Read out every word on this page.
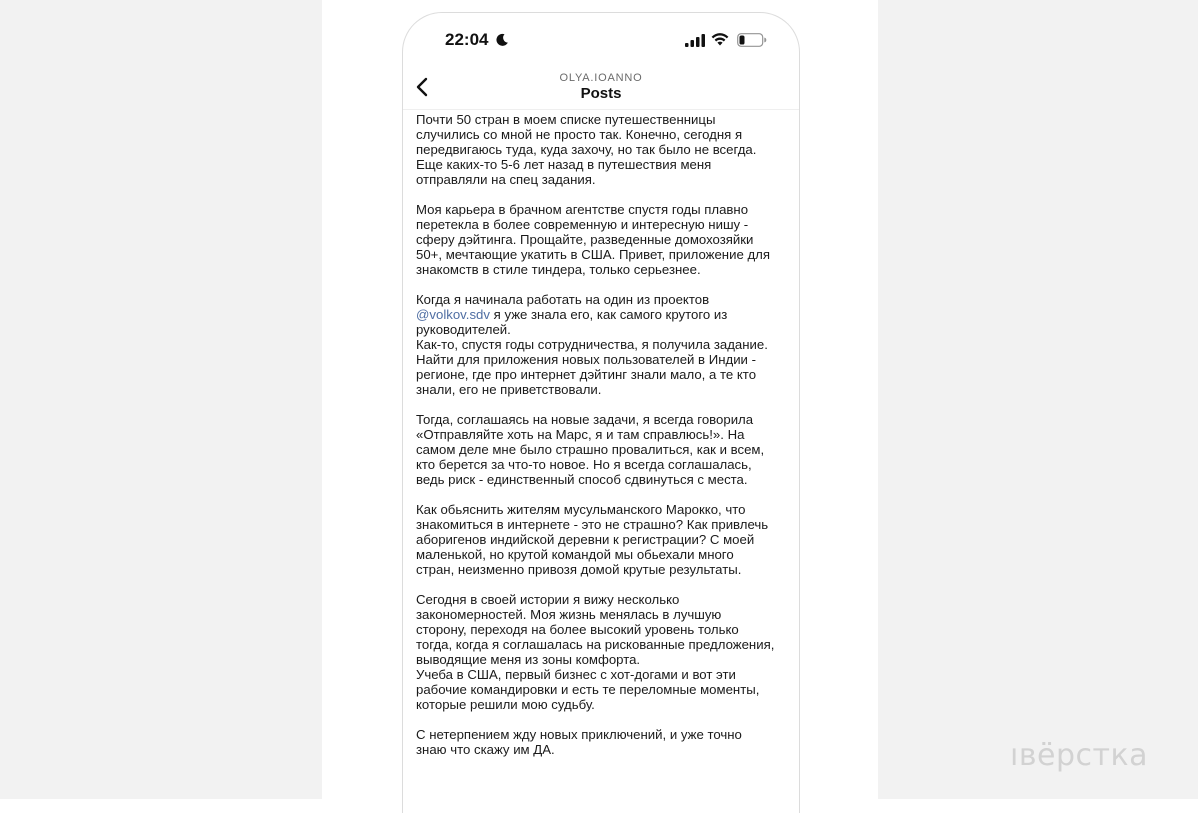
ıвёрстка
22:04
OLYA.IOANNO
Posts

Почти 50 стран в моем списке путешественницы
случились со мной не просто так. Конечно, сегодня я
передвигаюсь туда, куда захочу, но так было не всегда.
Еще каких-то 5-6 лет назад в путешествия меня
отправляли на спец задания.

Моя карьера в брачном агентстве спустя годы плавно
перетекла в более современную и интересную нишу -
сферу дэйтинга. Прощайте, разведенные домохозяйки
50+, мечтающие укатить в США. Привет, приложение для
знакомств в стиле тиндера, только серьезнее.

Когда я начинала работать на один из проектов
@volkov.sdv я уже знала его, как самого крутого из
руководителей.
Как-то, спустя годы сотрудничества, я получила задание.
Найти для приложения новых пользователей в Индии -
регионе, где про интернет дэйтинг знали мало, а те кто
знали, его не приветствовали.

Тогда, соглашаясь на новые задачи, я всегда говорила
«Отправляйте хоть на Марс, я и там справлюсь!». На
самом деле мне было страшно провалиться, как и всем,
кто берется за что-то новое. Но я всегда соглашалась,
ведь риск - единственный способ сдвинуться с места.

Как обьяснить жителям мусульманского Марокко, что
знакомиться в интернете - это не страшно? Как привлечь
аборигенов индийской деревни к регистрации? С моей
маленькой, но крутой командой мы обьехали много
стран, неизменно привозя домой крутые результаты.

Сегодня в своей истории я вижу несколько
закономерностей. Моя жизнь менялась в лучшую
сторону, переходя на более высокий уровень только
тогда, когда я соглашалась на рискованные предложения,
выводящие меня из зоны комфорта.
Учеба в США, первый бизнес с хот-догами и вот эти
рабочие командировки и есть те переломные моменты,
которые решили мою судьбу.

С нетерпением жду новых приключений, и уже точно
знаю что скажу им ДА.
